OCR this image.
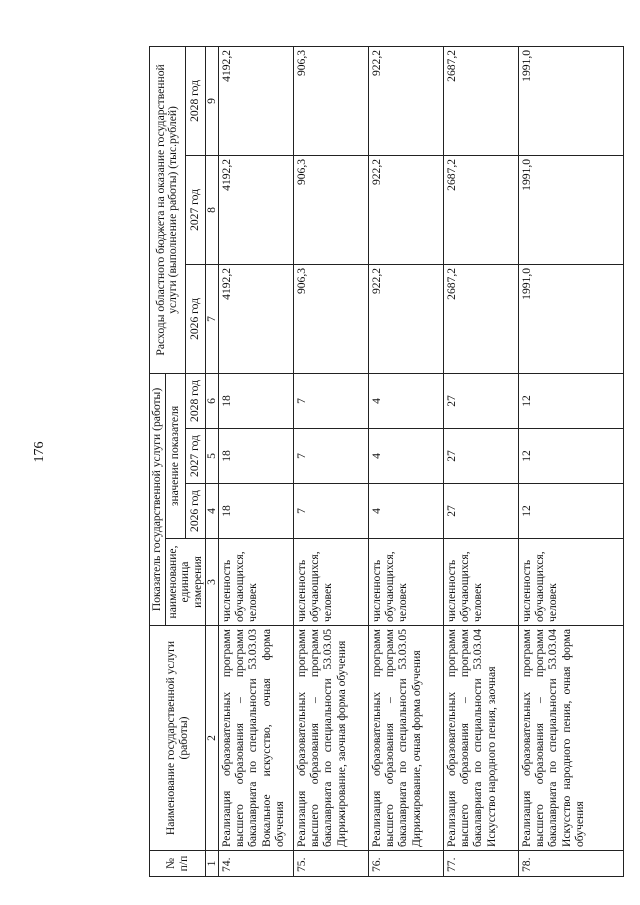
176
№ п/п	Наименование государственной услуги (работы)	Показатель государственной услуги (работы)				Расходы областного бюджета на оказание государственной услуги (выполнение работы) (тыс.рублей)		
		наименование, единица измерения	значение показателя					
			2026 год	2027 год	2028 год	2026 год	2027 год	2028 год
1	2	3	4	5	6	7	8	9
74.	Реализация образовательных программ высшего образования – программ бакалавриата по специальности 53.03.03 Вокальное искусство, очная форма обучения	численность обучающихся, человек	18	18	18	4192,2	4192,2	4192,2
75.	Реализация образовательных программ высшего образования – программ бакалавриата по специальности 53.03.05 Дирижирование, заочная форма обучения	численность обучающихся, человек	7	7	7	906,3	906,3	906,3
76.	Реализация образовательных программ высшего образования – программ бакалавриата по специальности 53.03.05 Дирижирование, очная форма обучения	численность обучающихся, человек	4	4	4	922,2	922,2	922,2
77.	Реализация образовательных программ высшего образования – программ бакалавриата по специальности 53.03.04 Искусство народного пения, заочная	численность обучающихся, человек	27	27	27	2687,2	2687,2	2687,2
78.	Реализация образовательных программ высшего образования – программ бакалавриата по специальности 53.03.04 Искусство народного пения, очная форма обучения	численность обучающихся, человек	12	12	12	1991,0	1991,0	1991,0
